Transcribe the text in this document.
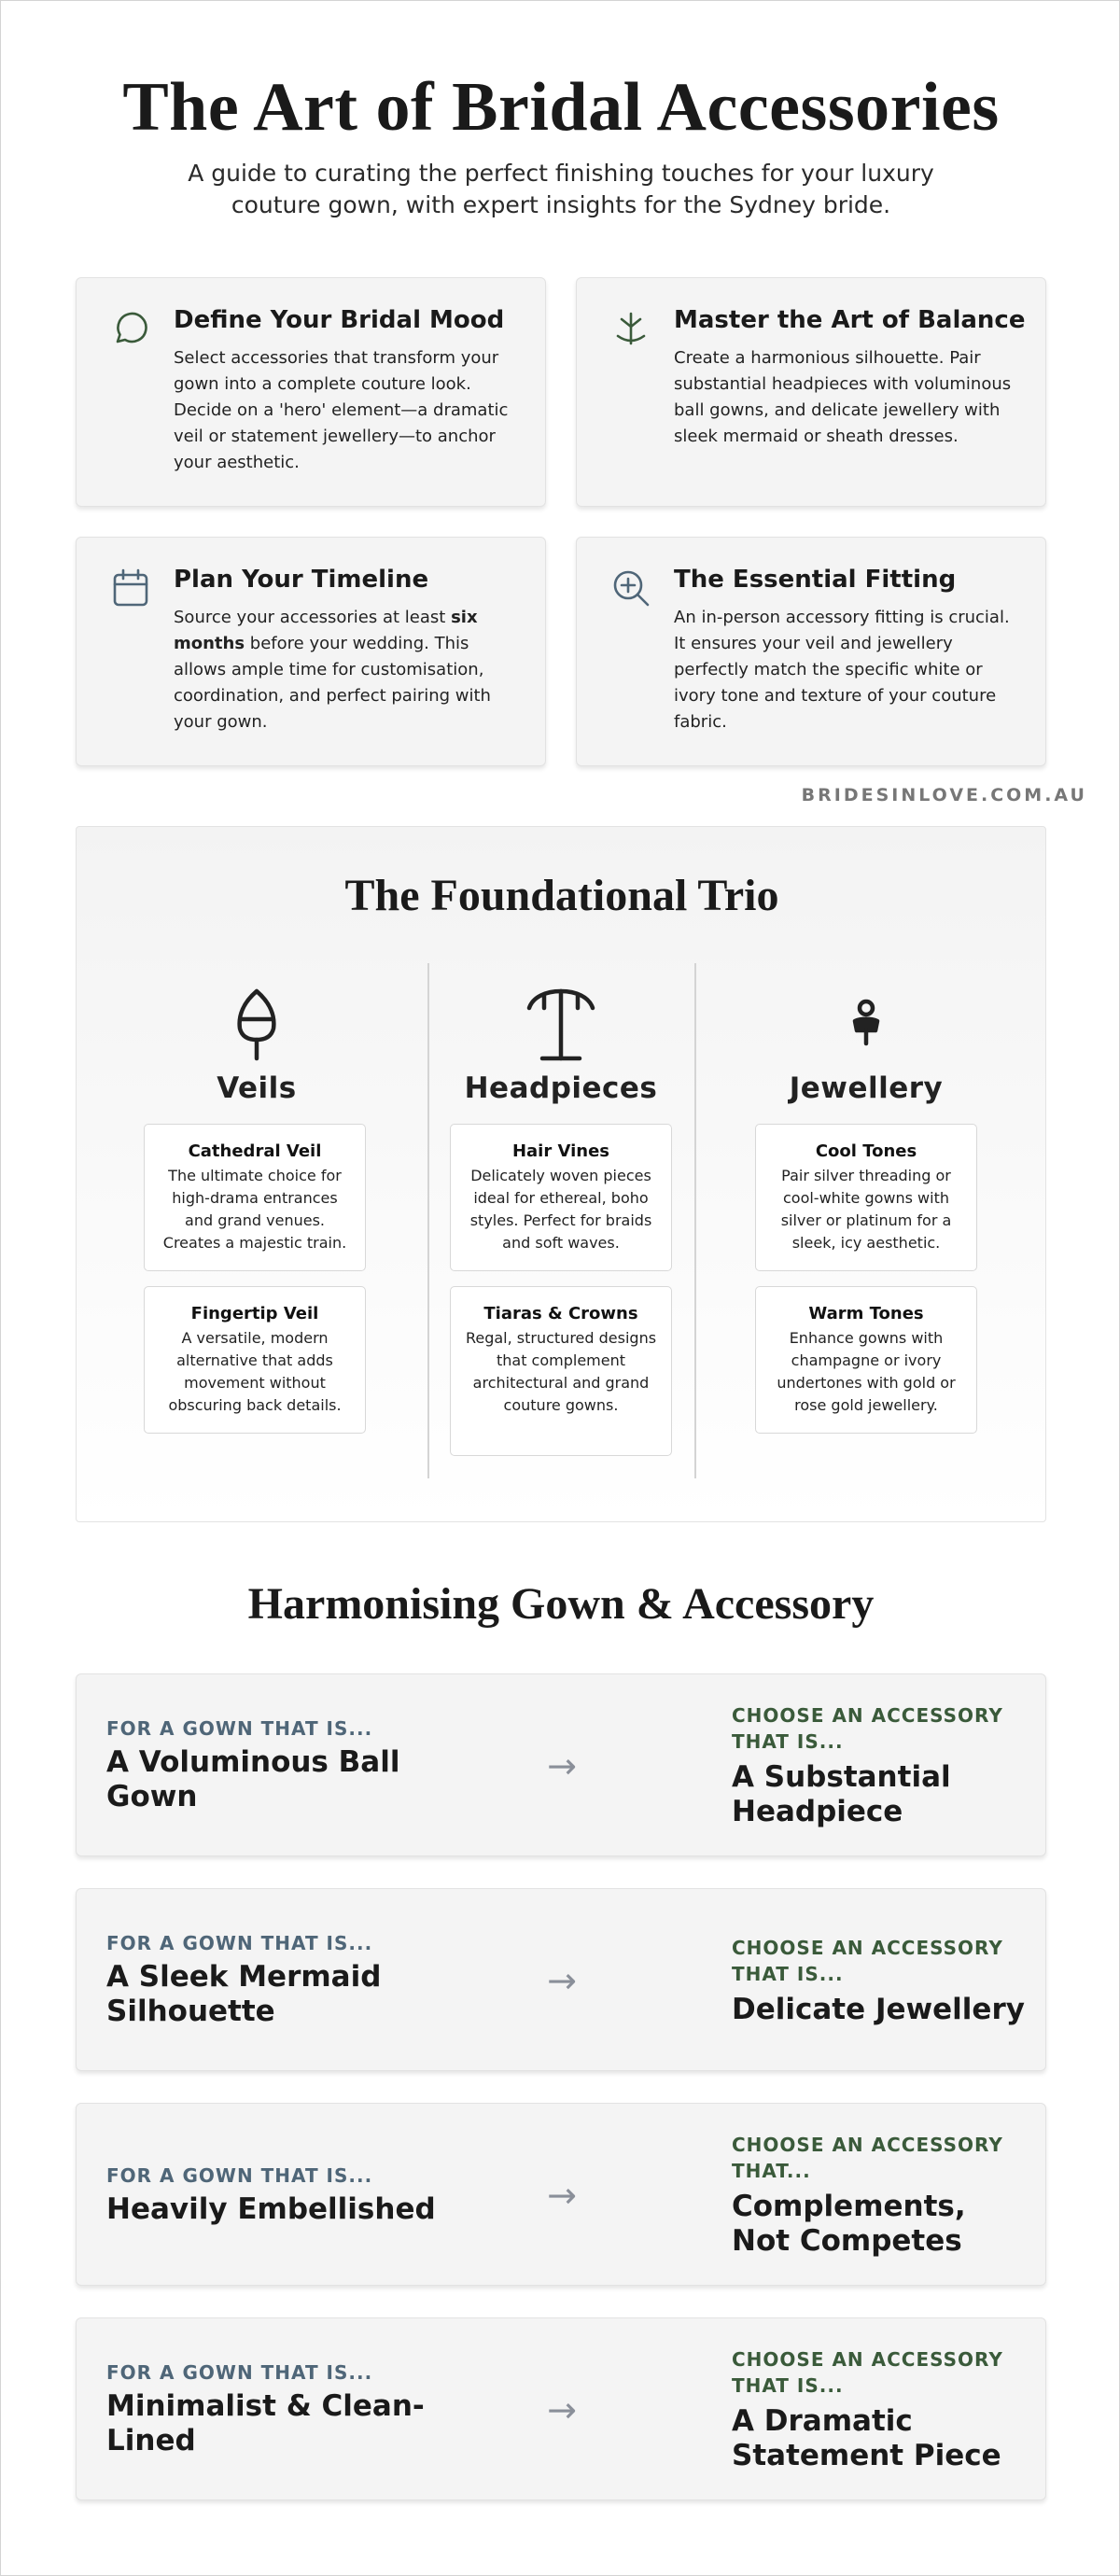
The Art of Bridal Accessories

A guide to curating the perfect finishing touches for your luxury couture gown, with expert insights for the Sydney bride.

Define Your Bridal Mood
Select accessories that transform your gown into a complete couture look. Decide on a 'hero' element—a dramatic veil or statement jewellery—to anchor your aesthetic.
Master the Art of Balance
Create a harmonious silhouette. Pair substantial headpieces with voluminous ball gowns, and delicate jewellery with sleek mermaid or sheath dresses.
Plan Your Timeline
Source your accessories at least six months before your wedding. This allows ample time for customisation, coordination, and perfect pairing with your gown.
The Essential Fitting
An in-person accessory fitting is crucial. It ensures your veil and jewellery perfectly match the specific white or ivory tone and texture of your couture fabric.
BRIDESINLOVE.COM.AU
The Foundational Trio
Veils
Cathedral Veil
The ultimate choice for high-drama entrances and grand venues. Creates a majestic train.
Fingertip Veil
A versatile, modern alternative that adds movement without obscuring back details.
Headpieces
Hair Vines
Delicately woven pieces ideal for ethereal, boho styles. Perfect for braids and soft waves.
Tiaras & Crowns
Regal, structured designs that complement architectural and grand couture gowns.
Jewellery
Cool Tones
Pair silver threading or cool-white gowns with silver or platinum for a sleek, icy aesthetic.
Warm Tones
Enhance gowns with champagne or ivory undertones with gold or rose gold jewellery.
Harmonising Gown & Accessory
FOR A GOWN THAT IS...
A Voluminous Ball Gown
→
CHOOSE AN ACCESSORY THAT IS...
A Substantial Headpiece
FOR A GOWN THAT IS...
A Sleek Mermaid Silhouette
→
CHOOSE AN ACCESSORY THAT IS...
Delicate Jewellery
FOR A GOWN THAT IS...
Heavily Embellished	→
CHOOSE AN ACCESSORY THAT...
Complements, Not Competes
FOR A GOWN THAT IS...
Minimalist & Clean-Lined
→
CHOOSE AN ACCESSORY THAT IS...
A Dramatic Statement Piece
